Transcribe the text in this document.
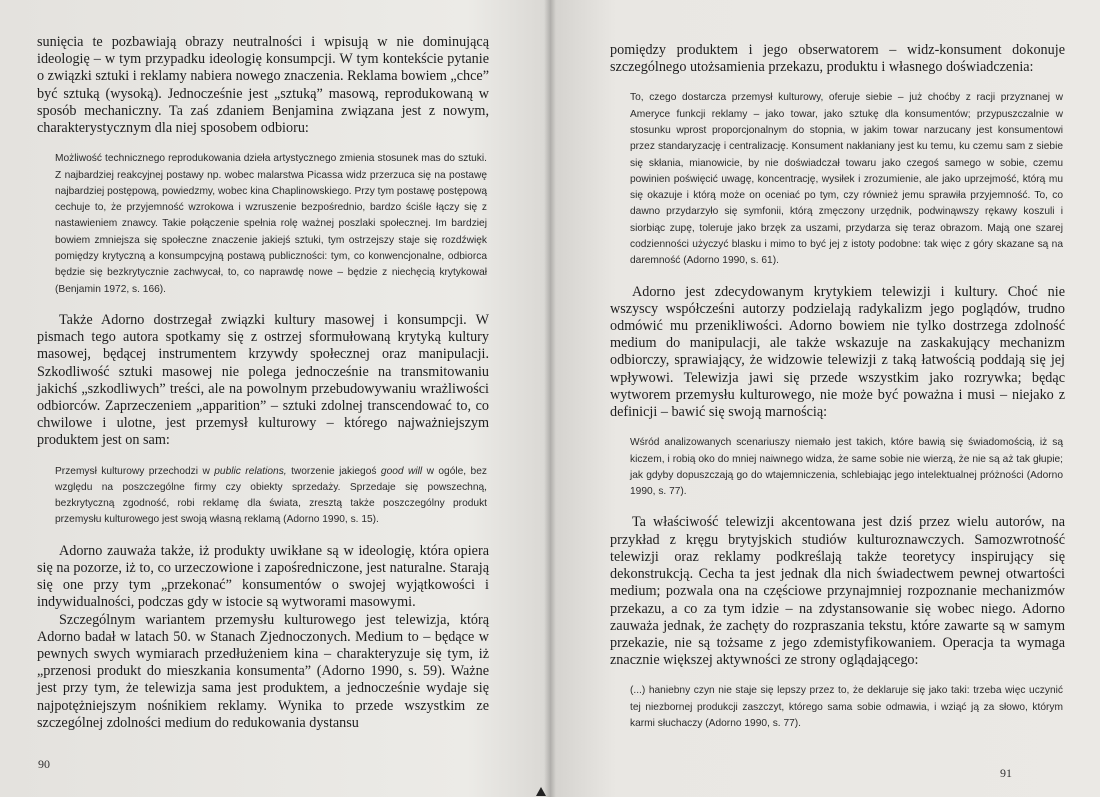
sunięcia te pozbawiają obrazy neutralności i wpisują w nie dominującą ideologię – w tym przypadku ideologię konsumpcji. W tym kontekście pytanie o związki sztuki i reklamy nabiera nowego znaczenia. Reklama bowiem „chce” być sztuką (wysoką). Jednocześnie jest „sztuką” masową, reprodukowaną w sposób mechaniczny. Ta zaś zdaniem Benjamina związana jest z nowym, charakterystycznym dla niej sposobem odbioru:

Możliwość technicznego reprodukowania dzieła artystycznego zmienia stosunek mas do sztuki. Z najbardziej reakcyjnej postawy np. wobec malarstwa Picassa widz przerzuca się na postawę najbardziej postępową, powiedzmy, wobec kina Chaplinowskiego. Przy tym postawę postępową cechuje to, że przyjemność wzrokowa i wzruszenie bezpośrednio, bardzo ściśle łączy się z nastawieniem znawcy. Takie połączenie spełnia rolę ważnej poszlaki społecznej. Im bardziej bowiem zmniejsza się społeczne znaczenie jakiejś sztuki, tym ostrzejszy staje się rozdźwięk pomiędzy krytyczną a konsumpcyjną postawą publiczności: tym, co konwencjonalne, odbiorca będzie się bezkrytycznie zachwycał, to, co naprawdę nowe – będzie z niechęcią krytykował (Benjamin 1972, s. 166).

Także Adorno dostrzegał związki kultury masowej i konsumpcji. W pismach tego autora spotkamy się z ostrzej sformułowaną krytyką kultury masowej, będącej instrumentem krzywdy społecznej oraz manipulacji. Szkodliwość sztuki masowej nie polega jednocześnie na transmitowaniu jakichś „szkodliwych” treści, ale na powolnym przebudowywaniu wrażliwości odbiorców. Zaprzeczeniem „apparition” – sztuki zdolnej transcendować to, co chwilowe i ulotne, jest przemysł kulturowy – którego najważniejszym produktem jest on sam:

Przemysł kulturowy przechodzi w public relations, tworzenie jakiegoś good will w ogóle, bez względu na poszczególne firmy czy obiekty sprzedaży. Sprzedaje się powszechną, bezkrytyczną zgodność, robi reklamę dla świata, zresztą także poszczególny produkt przemysłu kulturowego jest swoją własną reklamą (Adorno 1990, s. 15).

Adorno zauważa także, iż produkty uwikłane są w ideologię, która opiera się na pozorze, iż to, co urzeczowione i zapośredniczone, jest naturalne. Starają się one przy tym „przekonać” konsumentów o swojej wyjątkowości i indywidualności, podczas gdy w istocie są wytworami masowymi.

Szczególnym wariantem przemysłu kulturowego jest telewizja, którą Adorno badał w latach 50. w Stanach Zjednoczonych. Medium to – będące w pewnych swych wymiarach przedłużeniem kina – charakteryzuje się tym, iż „przenosi produkt do mieszkania konsumenta” (Adorno 1990, s. 59). Ważne jest przy tym, że telewizja sama jest produktem, a jednocześnie wydaje się najpotężniejszym nośnikiem reklamy. Wynika to przede wszystkim ze szczególnej zdolności medium do redukowania dystansu

90

pomiędzy produktem i jego obserwatorem – widz-konsument dokonuje szczególnego utożsamienia przekazu, produktu i własnego doświadczenia:

To, czego dostarcza przemysł kulturowy, oferuje siebie – już choćby z racji przyznanej w Ameryce funkcji reklamy – jako towar, jako sztukę dla konsumentów; przypuszczalnie w stosunku wprost proporcjonalnym do stopnia, w jakim towar narzucany jest konsumentowi przez standaryzację i centralizację. Konsument nakłaniany jest ku temu, ku czemu sam z siebie się skłania, mianowicie, by nie doświadczał towaru jako czegoś samego w sobie, czemu powinien poświęcić uwagę, koncentrację, wysiłek i zrozumienie, ale jako uprzejmość, którą mu się okazuje i którą może on oceniać po tym, czy również jemu sprawiła przyjemność. To, co dawno przydarzyło się symfonii, którą zmęczony urzędnik, podwinąwszy rękawy koszuli i siorbiąc zupę, toleruje jako brzęk za uszami, przydarza się teraz obrazom. Mają one szarej codzienności użyczyć blasku i mimo to być jej z istoty podobne: tak więc z góry skazane są na daremność (Adorno 1990, s. 61).

Adorno jest zdecydowanym krytykiem telewizji i kultury. Choć nie wszyscy współcześni autorzy podzielają radykalizm jego poglądów, trudno odmówić mu przenikliwości. Adorno bowiem nie tylko dostrzega zdolność medium do manipulacji, ale także wskazuje na zaskakujący mechanizm odbiorczy, sprawiający, że widzowie telewizji z taką łatwością poddają się jej wpływowi. Telewizja jawi się przede wszystkim jako rozrywka; będąc wytworem przemysłu kulturowego, nie może być poważna i musi – niejako z definicji – bawić się swoją marnością:

Wśród analizowanych scenariuszy niemało jest takich, które bawią się świadomością, iż są kiczem, i robią oko do mniej naiwnego widza, że same sobie nie wierzą, że nie są aż tak głupie; jak gdyby dopuszczają go do wtajemniczenia, schlebiając jego intelektualnej próżności (Adorno 1990, s. 77).

Ta właściwość telewizji akcentowana jest dziś przez wielu autorów, na przykład z kręgu brytyjskich studiów kulturoznawczych. Samozwrotność telewizji oraz reklamy podkreślają także teoretycy inspirujący się dekonstrukcją. Cecha ta jest jednak dla nich świadectwem pewnej otwartości medium; pozwala ona na częściowe przynajmniej rozpoznanie mechanizmów przekazu, a co za tym idzie – na zdystansowanie się wobec niego. Adorno zauważa jednak, że zachęty do rozpraszania tekstu, które zawarte są w samym przekazie, nie są tożsame z jego zdemistyfikowaniem. Operacja ta wymaga znacznie większej aktywności ze strony oglądającego:

(...) haniebny czyn nie staje się lepszy przez to, że deklaruje się jako taki: trzeba więc uczynić tej niezbornej produkcji zaszczyt, którego sama sobie odmawia, i wziąć ją za słowo, którym karmi słuchaczy (Adorno 1990, s. 77).
91
